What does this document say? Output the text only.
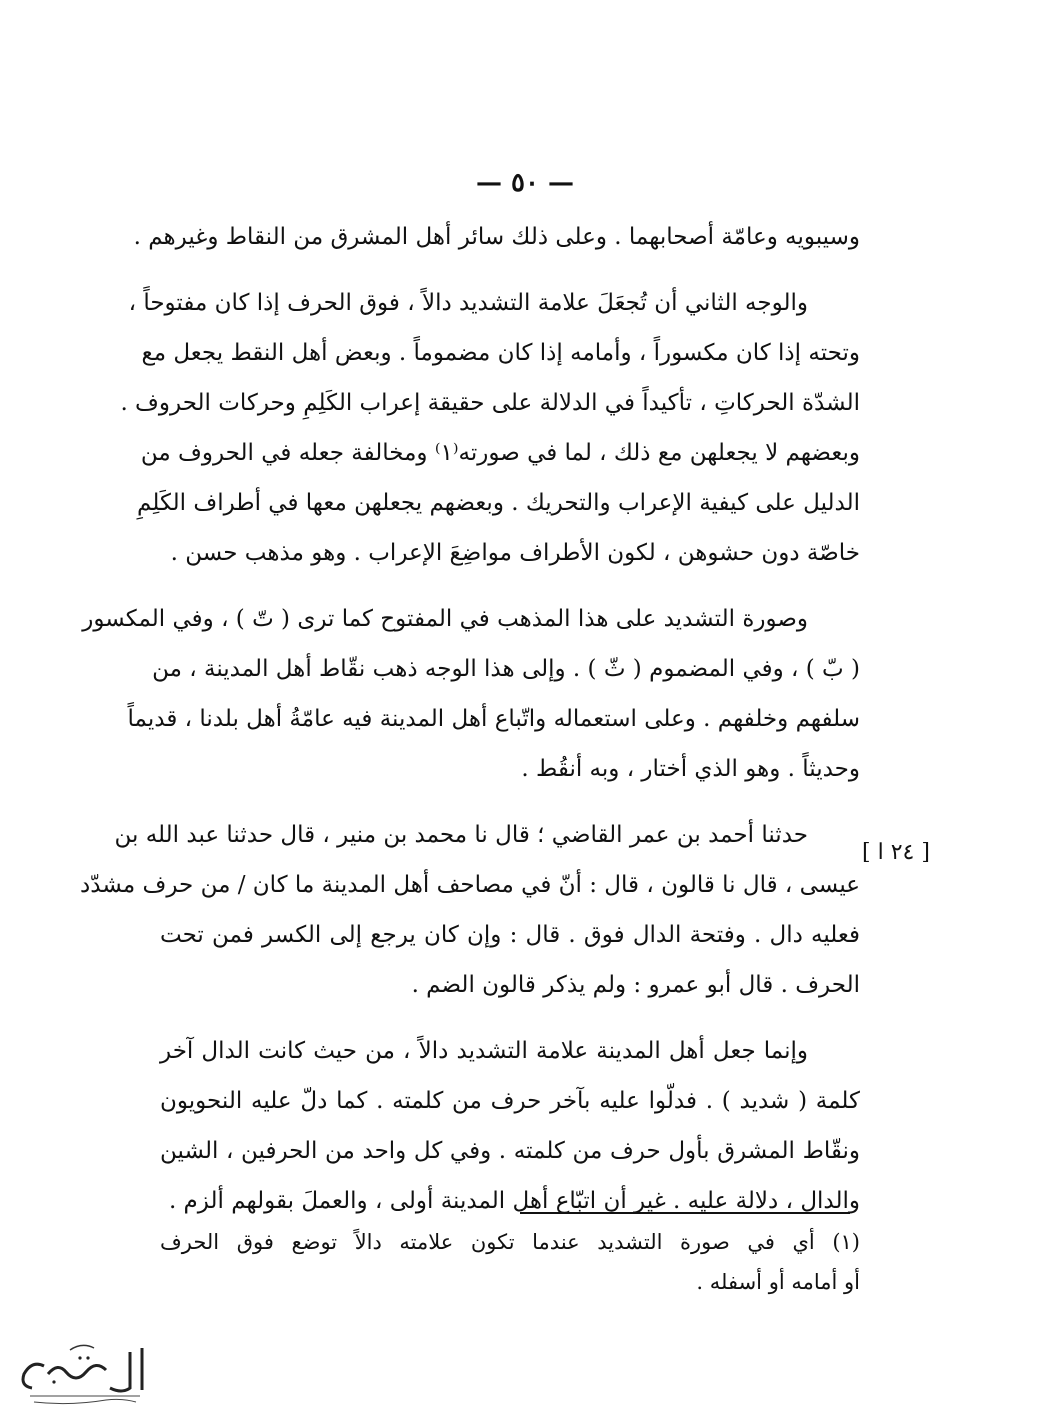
— ٥٠ —
وسيبويه وعامّة أصحابهما . وعلى ذلك سائر أهل المشرق من النقاط وغيرهم .
والوجه الثاني أن تُجعَلَ علامة التشديد دالاً ، فوق الحرف إذا كان مفتوحاً ،
وتحته إذا كان مكسوراً ، وأمامه إذا كان مضموماً . وبعض أهل النقط يجعل مع
الشدّة الحركاتِ ، تأكيداً في الدلالة على حقيقة إعراب الكَلِمِ وحركات الحروف .
وبعضهم لا يجعلهن مع ذلك ، لما في صورته⁽١⁾ ومخالفة جعله في الحروف من
الدليل على كيفية الإعراب والتحريك . وبعضهم يجعلهن معها في أطراف الكَلِمِ
خاصّة دون حشوهن ، لكون الأطراف مواضِعَ الإعراب . وهو مذهب حسن .
وصورة التشديد على هذا المذهب في المفتوح كما ترى ( تّ ) ، وفي المكسور
( بّ ) ، وفي المضموم ( ثّ ) . وإلى هذا الوجه ذهب نقّاط أهل المدينة ، من
سلفهم وخلفهم . وعلى استعماله واتّباع أهل المدينة فيه عامّةُ أهل بلدنا ، قديماً
وحديثاً . وهو الذي أختار ، وبه أنقُط .
حدثنا أحمد بن عمر القاضي ؛ قال نا محمد بن منير ، قال حدثنا عبد الله بن
عيسى ، قال نا قالون ، قال : أنّ في مصاحف أهل المدينة ما كان / من حرف مشدّد
فعليه دال . وفتحة الدال فوق . قال : وإن كان يرجع إلى الكسر فمن تحت
الحرف . قال أبو عمرو : ولم يذكر قالون الضم .
وإنما جعل أهل المدينة علامة التشديد دالاً ، من حيث كانت الدال آخر
كلمة ( شديد ) . فدلّوا عليه بآخر حرف من كلمته . كما دلّ عليه النحويون
ونقّاط المشرق بأول حرف من كلمته . وفي كل واحد من الحرفين ، الشين
والدال ، دلالة عليه . غير أن اتبّاع أهل المدينة أولى ، والعملَ بقولهم ألزم .
[ ٢٤ ا ]
(١) أي في صورة التشديد عندما تكون علامته دالاً توضع فوق الحرف
أو أمامه أو أسفله .
